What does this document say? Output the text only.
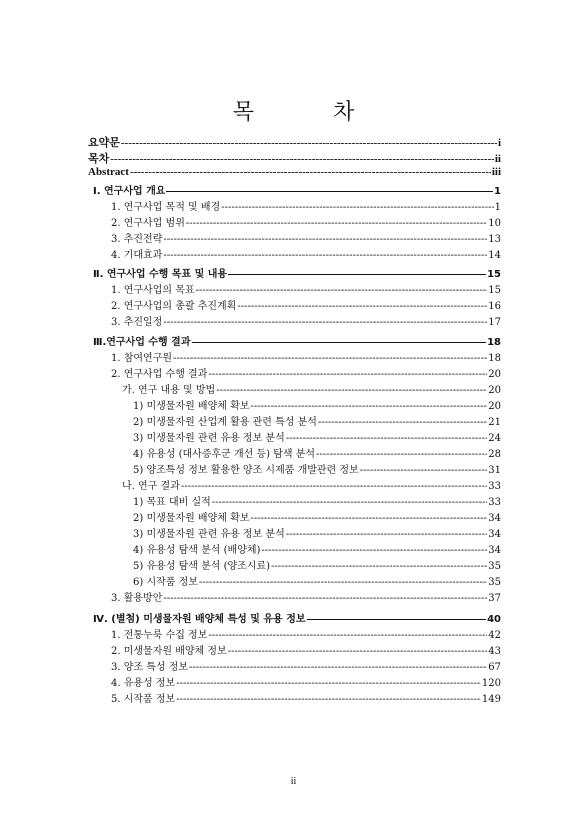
목 차
요약문 -----	i
목차 -----	ii
Abstract -----	iii
Ⅰ. 연구사업 개요	1
1. 연구사업 목적 및 배경 -----	1
2. 연구사업 범위 -----	10
3. 추진전략 -----	13
4. 기대효과 -----	14
Ⅱ. 연구사업 수행 목표 및 내용	15
1. 연구사업의 목표 -----	15
2. 연구사업의 총괄 추진계획 -----	16
3. 추진일정 -----	17
Ⅲ.연구사업 수행 결과	18
1. 참여연구원 -----	18
2. 연구사업 수행 결과 -----	20
가. 연구 내용 및 방법 -----	20
1) 미생물자원 배양체 확보 -----	20
2) 미생물자원 산업계 활용 관련 특성 분석 -----	21
3) 미생물자원 관련 유용 정보 분석 -----	24
4) 유용성 (대사증후군 개선 등) 탐색 분석 -----	28
5) 양조특성 정보 활용한 양조 시제품 개발관련 정보 -----	31
나. 연구 결과 -----	33
1) 목표 대비 실적 -----	33
2) 미생물자원 배양체 확보 -----	34
3) 미생물자원 관련 유용 정보 분석 -----	34
4) 유용성 탐색 분석 (배양체) -----	34
5) 유용성 탐색 분석 (양조시료) -----	35
6) 시작품 정보 -----	35
3. 활용방안 -----	37
Ⅳ. (별첨) 미생물자원 배양체 특성 및 유용 정보	40
1. 전통누룩 수집 정보 -----	42
2. 미생물자원 배양체 정보 -----	43
3. 양조 특성 정보 -----	67
4. 유용성 정보 -----	120
5. 시작품 정보 -----	149
ii
